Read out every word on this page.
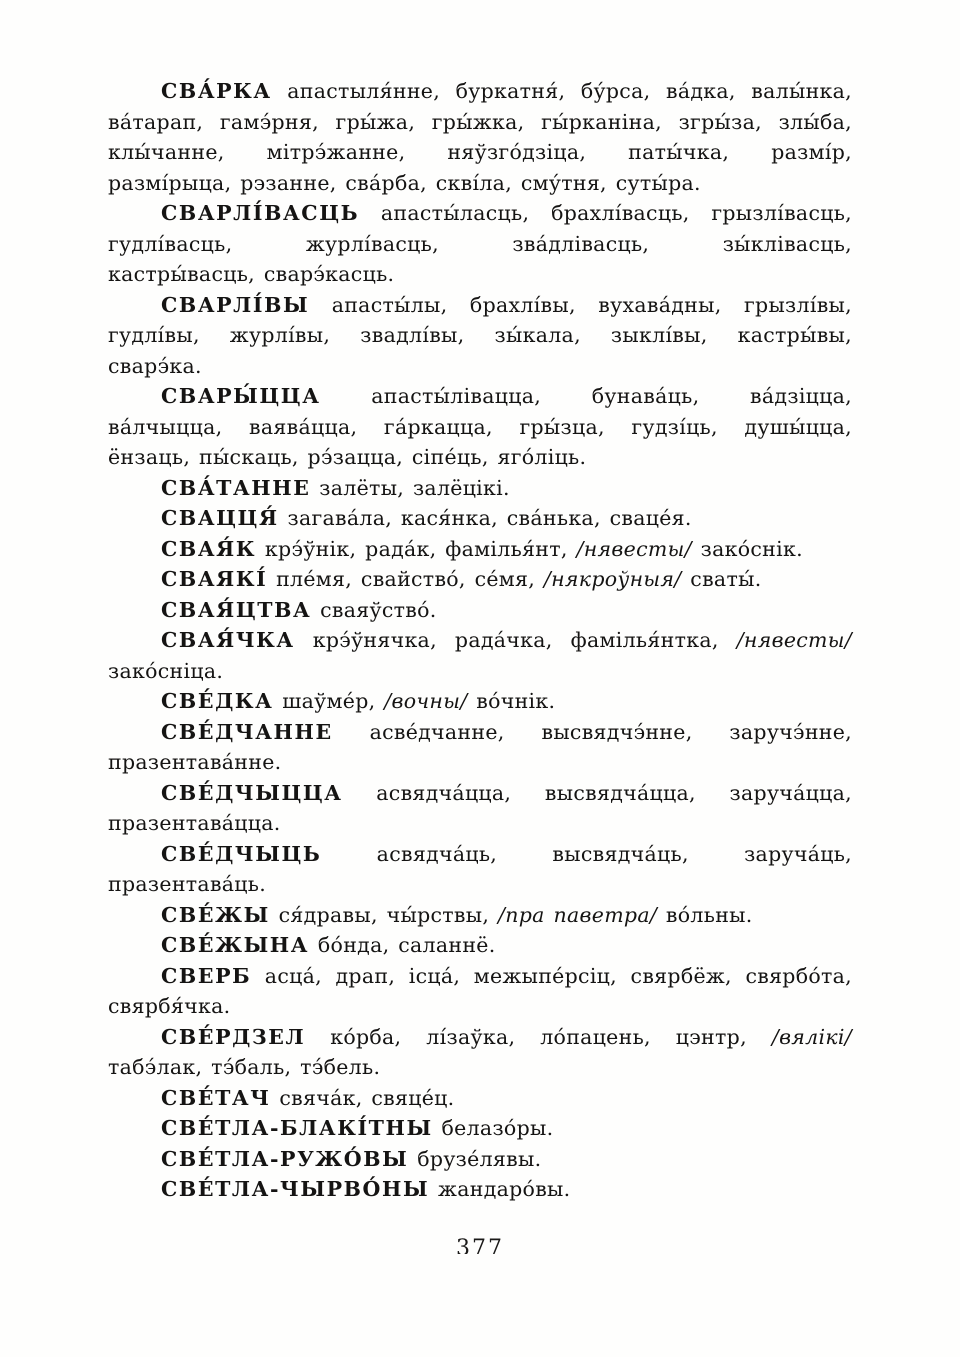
СВА́РКА апастыля́нне, буркатня́, бу́рса, ва́дка, валы́нка,
ва́тарап, гамэ́рня, гры́жа, гры́жка, гы́рканіна, згры́за, злы́ба,
клы́чанне, мітрэ́жанне, няўзго́дзіца, паты́чка, размі́р,
размі́рыца, рэзанне, сва́рба, скві́ла, сму́тня, суты́ра.

СВАРЛІ́ВАСЦЬ апасты́ласць, брахлі́васць, грызлі́васць,
гудлі́васць, журлі́васць, зва́длівасць, зы́клівасць,
кастры́васць, сварэ́касць.

СВАРЛІ́ВЫ апасты́лы, брахлі́вы, вухава́дны, грызлі́вы,
гудлі́вы, журлі́вы, звадлі́вы, зы́кала, зыклі́вы, кастры́вы,
сварэ́ка.

СВАРЫ́ЦЦА апасты́лівацца, бунава́ць, ва́дзіцца,
ва́лчыцца, ваява́цца, га́ркацца, гры́зца, гудзі́ць, душы́цца,
ёнзаць, пы́скаць, рэ́зацца, сіпе́ць, яго́ліць.

СВА́ТАННЕ залёты, залёцікі.

СВАЦЦЯ́ загава́ла, кася́нка, сва́нька, сваце́я.

СВАЯ́К крэ́ўнік, рада́к, фамілья́нт, /нявесты/ зако́снік.

СВАЯКІ́ пле́мя, свайство́, се́мя, /някроўныя/ сваты́.

СВАЯ́ЦТВА сваяўство́.

СВАЯ́ЧКА крэ́ўнячка, рада́чка, фамілья́нтка, /нявесты/
зако́сніца.

СВЕ́ДКА шаўме́р, /вочны/ во́чнік.

СВЕ́ДЧАННЕ асве́дчанне, высвядчэ́нне, заручэ́нне,
празентава́нне.

СВЕ́ДЧЫЦЦА асвядча́цца, высвядча́цца, заруча́цца,
празентава́цца.

СВЕ́ДЧЫЦЬ	асвядча́ць, высвядча́ць, заруча́ць,
празентава́ць.

СВЕ́ЖЫ ся́дравы, чы́рствы, /пра паветра/ во́льны.

СВЕ́ЖЫНА бо́нда, саланнё.

СВЕРБ асца́, драп, ісца́, межыпе́рсіц, свярбёж, свярбо́та,
свярбя́чка.

СВЕ́РДЗЕЛ ко́рба, лі́заўка, ло́пацень, цэнтр, /вялікі/
табэ́лак, тэ́баль, тэ́бель.

СВЕ́ТАЧ свяча́к, свяце́ц.

СВЕ́ТЛА-БЛАКІ́ТНЫ белазо́ры.

СВЕ́ТЛА-РУЖО́ВЫ брузе́лявы.

СВЕ́ТЛА-ЧЫРВО́НЫ жандаро́вы.

377
